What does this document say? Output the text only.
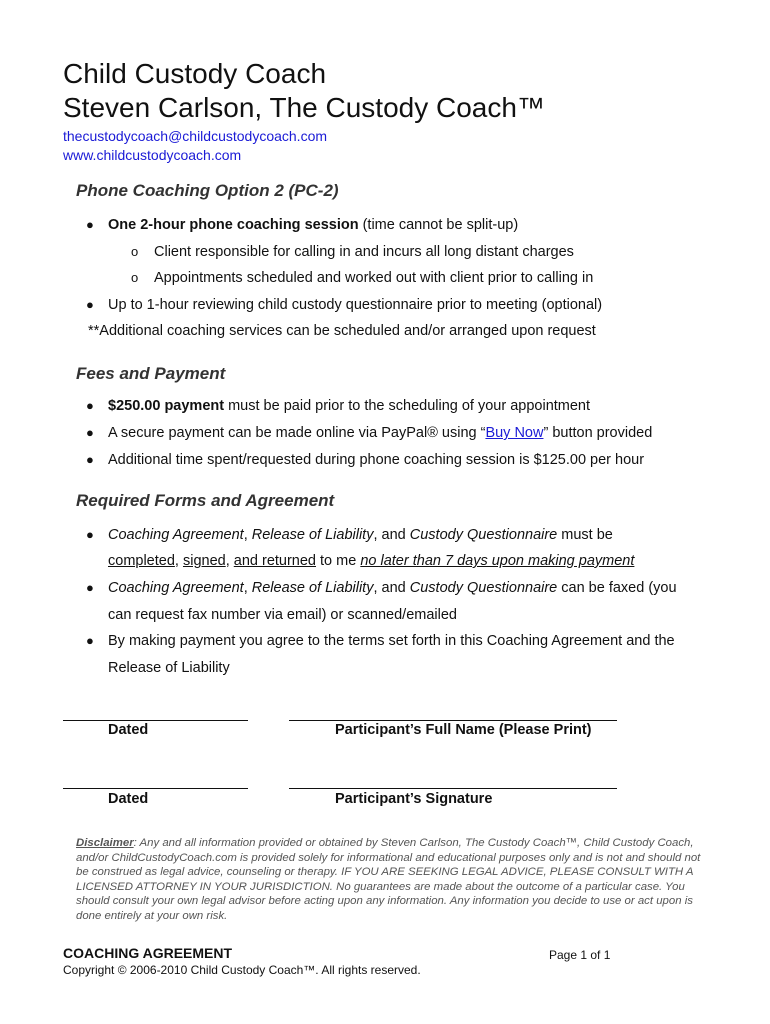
Child Custody Coach
Steven Carlson, The Custody Coach™
thecustodycoach@childcustodycoach.com
www.childcustodycoach.com
Phone Coaching Option 2 (PC-2)
● One 2-hour phone coaching session (time cannot be split-up)
o Client responsible for calling in and incurs all long distant charges
o Appointments scheduled and worked out with client prior to calling in
● Up to 1-hour reviewing child custody questionnaire prior to meeting (optional)
**Additional coaching services can be scheduled and/or arranged upon request
Fees and Payment
● $250.00 payment must be paid prior to the scheduling of your appointment
● A secure payment can be made online via PayPal® using “Buy Now” button provided
● Additional time spent/requested during phone coaching session is $125.00 per hour
Required Forms and Agreement
● Coaching Agreement, Release of Liability, and Custody Questionnaire must be
completed, signed, and returned to me no later than 7 days upon making payment
● Coaching Agreement, Release of Liability, and Custody Questionnaire can be faxed (you
can request fax number via email) or scanned/emailed
● By making payment you agree to the terms set forth in this Coaching Agreement and the
Release of Liability
Dated	Participant’s Full Name (Please Print)
Dated	Participant’s Signature
Disclaimer: Any and all information provided or obtained by Steven Carlson, The Custody Coach™, Child Custody Coach, and/or ChildCustodyCoach.com is provided solely for informational and educational purposes only and is not and should not be construed as legal advice, counseling or therapy. IF YOU ARE SEEKING LEGAL ADVICE, PLEASE CONSULT WITH A LICENSED ATTORNEY IN YOUR JURISDICTION. No guarantees are made about the outcome of a particular case. You should consult your own legal advisor before acting upon any information. Any information you decide to use or act upon is done entirely at your own risk.
COACHING AGREEMENT	Page 1 of 1
Copyright © 2006-2010 Child Custody Coach™. All rights reserved.
